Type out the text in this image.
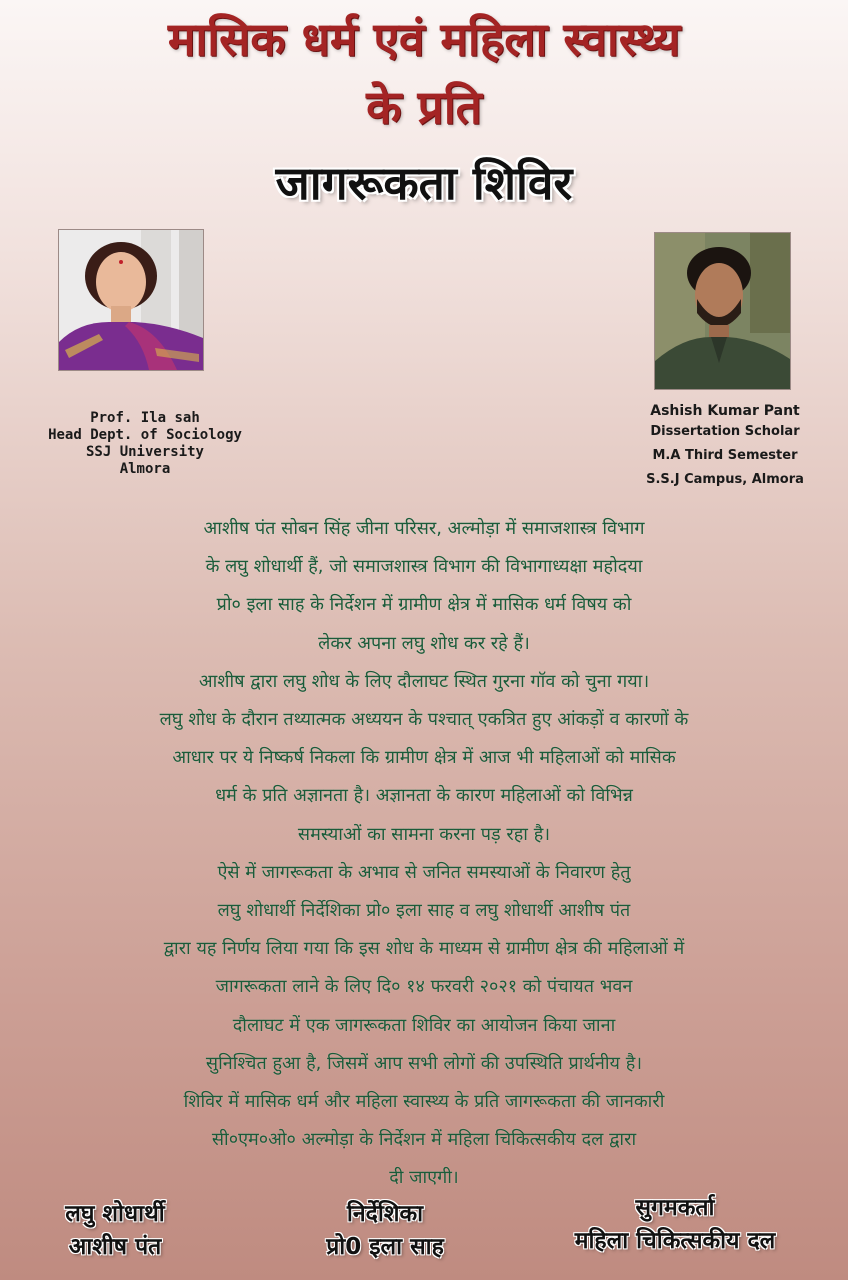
मासिक धर्म एवं महिला स्वास्थ्य
के प्रति
जागरूकता शिविर
Prof. Ila sah
Head Dept. of Sociology
SSJ University
Almora
Ashish Kumar Pant
Dissertation Scholar
M.A Third Semester
S.S.J Campus, Almora
आशीष पंत सोबन सिंह जीना परिसर, अल्मोड़ा में समाजशास्त्र विभाग
के लघु शोधार्थी हैं, जो समाजशास्त्र विभाग की विभागाध्यक्षा महोदया
प्रो० इला साह के निर्देशन में ग्रामीण क्षेत्र में मासिक धर्म विषय को
लेकर अपना लघु शोध कर रहे हैं।
आशीष द्वारा लघु शोध के लिए दौलाघट स्थित गुरना गॉव को चुना गया।
लघु शोध के दौरान तथ्यात्मक अध्ययन के पश्चात् एकत्रित हुए आंकड़ों व कारणों के
आधार पर ये निष्कर्ष निकला कि ग्रामीण क्षेत्र में आज भी महिलाओं को मासिक
धर्म के प्रति अज्ञानता है। अज्ञानता के कारण महिलाओं को विभिन्न
समस्याओं का सामना करना पड़ रहा है।
ऐसे में जागरूकता के अभाव से जनित समस्याओं के निवारण हेतु
लघु शोधार्थी निर्देशिका प्रो० इला साह व लघु शोधार्थी आशीष पंत
द्वारा यह निर्णय लिया गया कि इस शोध के माध्यम से ग्रामीण क्षेत्र की महिलाओं में
जागरूकता लाने के लिए दि० १४ फरवरी २०२१ को पंचायत भवन
दौलाघट में एक जागरूकता शिविर का आयोजन किया जाना
सुनिश्चित हुआ है, जिसमें आप सभी लोगों की उपस्थिति प्रार्थनीय है।
शिविर में मासिक धर्म और महिला स्वास्थ्य के प्रति जागरूकता की जानकारी
सी०एम०ओ० अल्मोड़ा के निर्देशन में महिला चिकित्सकीय दल द्वारा
दी जाएगी।
लघु शोधार्थी
आशीष पंत
निर्देशिका
प्रो0 इला साह
सुगमकर्ता
महिला चिकित्सकीय दल
